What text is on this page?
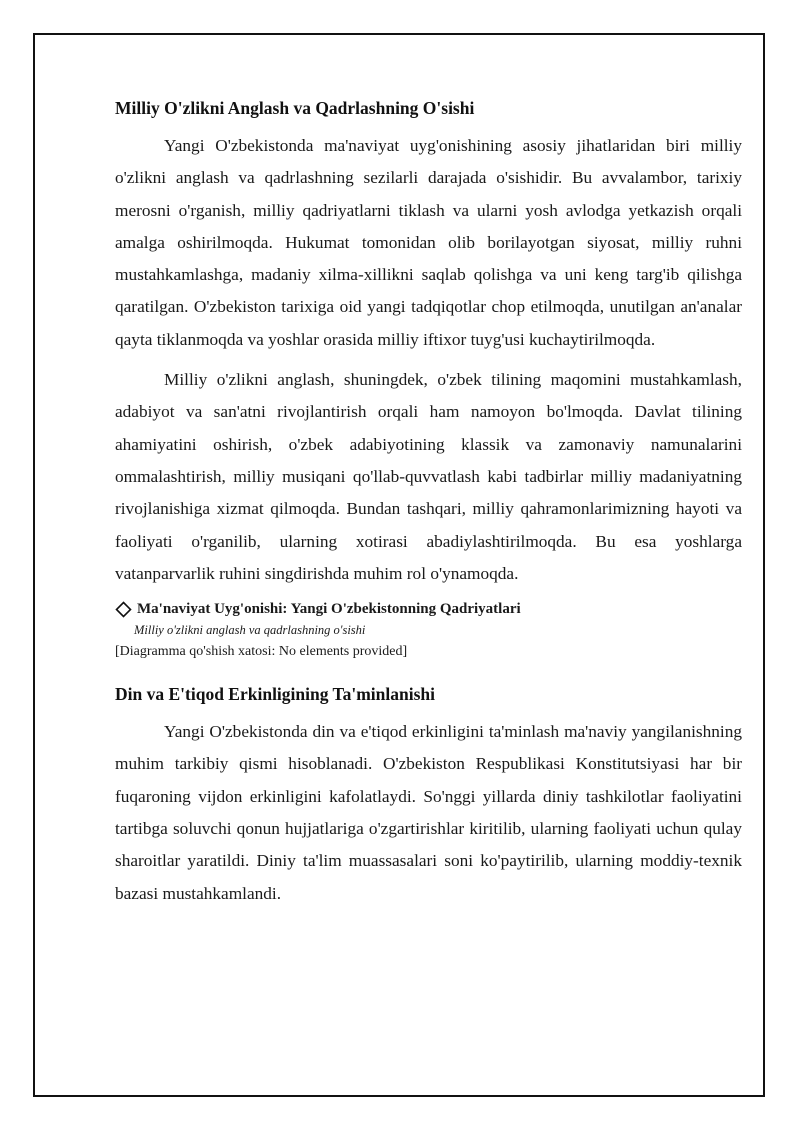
Milliy O'zlikni Anglash va Qadrlashning O'sishi

Yangi O'zbekistonda ma'naviyat uyg'onishining asosiy jihatlaridan biri milliy o'zlikni anglash va qadrlashning sezilarli darajada o'sishidir. Bu avvalambor, tarixiy merosni o'rganish, milliy qadriyatlarni tiklash va ularni yosh avlodga yetkazish orqali amalga oshirilmoqda. Hukumat tomonidan olib borilayotgan siyosat, milliy ruhni mustahkamlashga, madaniy xilma-xillikni saqlab qolishga va uni keng targ'ib qilishga qaratilgan. O'zbekiston tarixiga oid yangi tadqiqotlar chop etilmoqda, unutilgan an'analar qayta tiklanmoqda va yoshlar orasida milliy iftixor tuyg'usi kuchaytirilmoqda.

Milliy o'zlikni anglash, shuningdek, o'zbek tilining maqomini mustahkamlash, adabiyot va san'atni rivojlantirish orqali ham namoyon bo'lmoqda. Davlat tilining ahamiyatini oshirish, o'zbek adabiyotining klassik va zamonaviy namunalarini ommalashtirish, milliy musiqani qo'llab-quvvatlash kabi tadbirlar milliy madaniyatning rivojlanishiga xizmat qilmoqda. Bundan tashqari, milliy qahramonlarimizning hayoti va faoliyati o'rganilib, ularning xotirasi abadiylashtirilmoqda. Bu esa yoshlarga vatanparvarlik ruhini singdirishda muhim rol o'ynamoqda.

Ma'naviyat Uyg'onishi: Yangi O'zbekistonning Qadriyatlari
Milliy o'zlikni anglash va qadrlashning o'sishi
[Diagramma qo'shish xatosi: No elements provided]
Din va E'tiqod Erkinligining Ta'minlanishi

Yangi O'zbekistonda din va e'tiqod erkinligini ta'minlash ma'naviy yangilanishning muhim tarkibiy qismi hisoblanadi. O'zbekiston Respublikasi Konstitutsiyasi har bir fuqaroning vijdon erkinligini kafolatlaydi. So'nggi yillarda diniy tashkilotlar faoliyatini tartibga soluvchi qonun hujjatlariga o'zgartirishlar kiritilib, ularning faoliyati uchun qulay sharoitlar yaratildi. Diniy ta'lim muassasalari soni ko'paytirilib, ularning moddiy-texnik bazasi mustahkamlandi.
